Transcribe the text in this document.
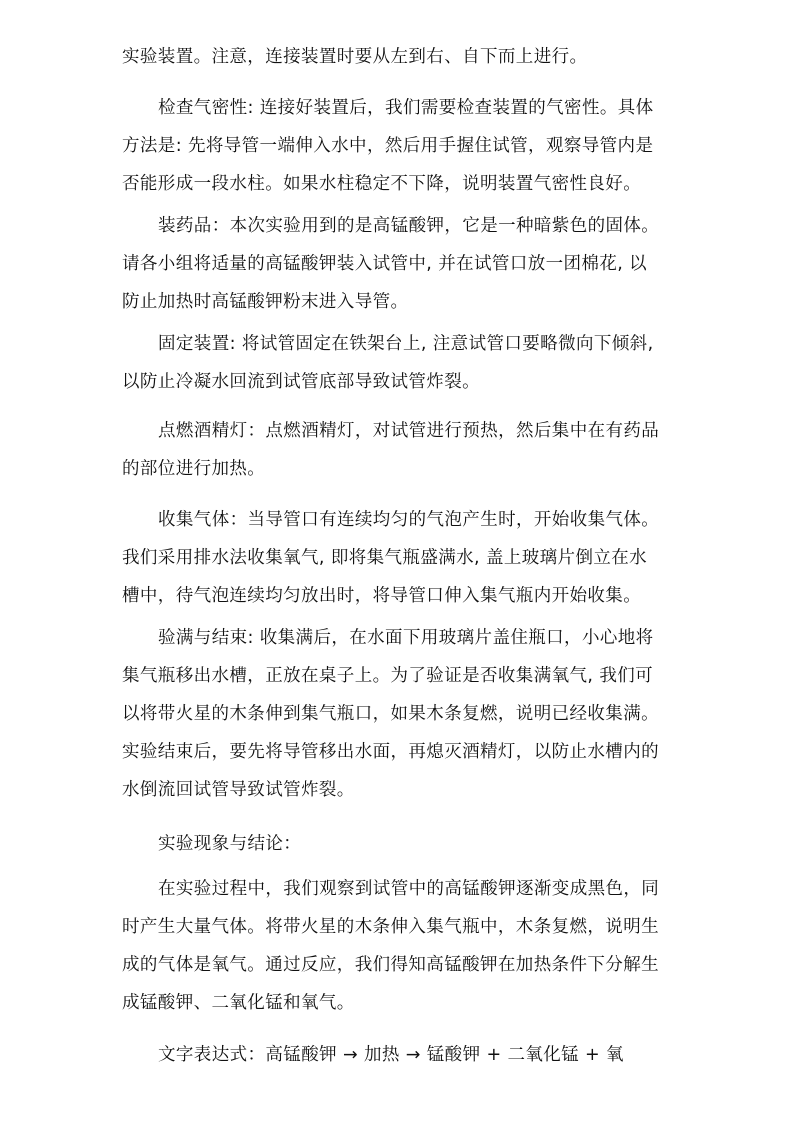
实验装置。注意，连接装置时要从左到右、自下而上进行。
检查气密性: 连接好装置后，我们需要检查装置的气密性。具体
方法是: 先将导管一端伸入水中，然后用手握住试管，观察导管内是
否能形成一段水柱。如果水柱稳定不下降，说明装置气密性良好。
装药品：本次实验用到的是高锰酸钾，它是一种暗紫色的固体。
请各小组将适量的高锰酸钾装入试管中, 并在试管口放一团棉花, 以
防止加热时高锰酸钾粉末进入导管。
固定装置: 将试管固定在铁架台上, 注意试管口要略微向下倾斜,
以防止冷凝水回流到试管底部导致试管炸裂。
点燃酒精灯：点燃酒精灯，对试管进行预热，然后集中在有药品
的部位进行加热。
收集气体：当导管口有连续均匀的气泡产生时，开始收集气体。
我们采用排水法收集氧气, 即将集气瓶盛满水, 盖上玻璃片倒立在水
槽中，待气泡连续均匀放出时，将导管口伸入集气瓶内开始收集。
验满与结束: 收集满后，在水面下用玻璃片盖住瓶口，小心地将
集气瓶移出水槽，正放在桌子上。为了验证是否收集满氧气, 我们可
以将带火星的木条伸到集气瓶口，如果木条复燃，说明已经收集满。
实验结束后，要先将导管移出水面，再熄灭酒精灯，以防止水槽内的
水倒流回试管导致试管炸裂。
实验现象与结论：
在实验过程中，我们观察到试管中的高锰酸钾逐渐变成黑色，同
时产生大量气体。将带火星的木条伸入集气瓶中，木条复燃，说明生
成的气体是氧气。通过反应，我们得知高锰酸钾在加热条件下分解生
成锰酸钾、二氧化锰和氧气。
文字表达式：高锰酸钾 → 加热 → 锰酸钾 + 二氧化锰 + 氧
